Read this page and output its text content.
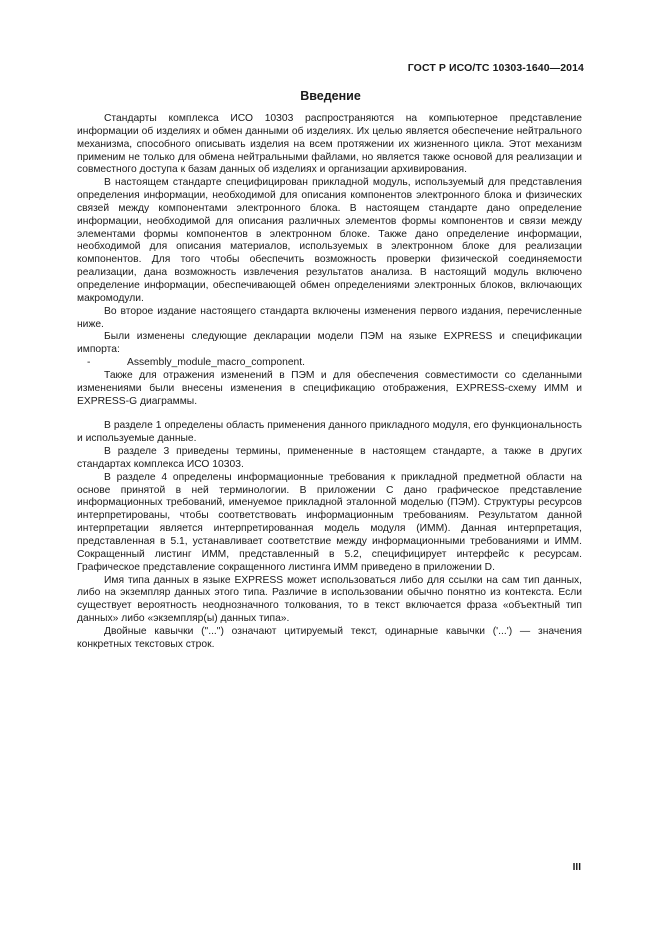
ГОСТ Р ИСО/ТС 10303-1640—2014
Введение

Стандарты комплекса ИСО 10303 распространяются на компьютерное представление информации об изделиях и обмен данными об изделиях. Их целью является обеспечение нейтрального механизма, способного описывать изделия на всем протяжении их жизненного цикла. Этот механизм применим не только для обмена нейтральными файлами, но является также основой для реализации и совместного доступа к базам данных об изделиях и организации архивирования.

В настоящем стандарте специфицирован прикладной модуль, используемый для представления определения информации, необходимой для описания компонентов электронного блока и физических связей между компонентами электронного блока. В настоящем стандарте дано определение информации, необходимой для описания различных элементов формы компонентов и связи между элементами формы компонентов в электронном блоке. Также дано определение информации, необходимой для описания материалов, используемых в электронном блоке для реализации компонентов. Для того чтобы обеспечить возможность проверки физической соединяемости реализации, дана возможность извлечения результатов анализа. В настоящий модуль включено определение информации, обеспечивающей обмен определениями электронных блоков, включающих макромодули.

Во второе издание настоящего стандарта включены изменения первого издания, перечисленные ниже.

Были изменены следующие декларации модели ПЭМ на языке EXPRESS и спецификации импорта:

-	Assembly_module_macro_component.

Также для отражения изменений в ПЭМ и для обеспечения совместимости со сделанными изменениями были внесены изменения в спецификацию отображения, EXPRESS-схему ИММ и EXPRESS-G диаграммы.

В разделе 1 определены область применения данного прикладного модуля, его функциональность и используемые данные.

В разделе 3 приведены термины, примененные в настоящем стандарте, а также в других стандартах комплекса ИСО 10303.

В разделе 4 определены информационные требования к прикладной предметной области на основе принятой в ней терминологии. В приложении С дано графическое представление информационных требований, именуемое прикладной эталонной моделью (ПЭМ). Структуры ресурсов интерпретированы, чтобы соответствовать информационным требованиям. Результатом данной интерпретации является интерпретированная модель модуля (ИММ). Данная интерпретация, представленная в 5.1, устанавливает соответствие между информационными требованиями и ИММ. Сокращенный листинг ИММ, представленный в 5.2, специфицирует интерфейс к ресурсам. Графическое представление сокращенного листинга ИММ приведено в приложении D.

Имя типа данных в языке EXPRESS может использоваться либо для ссылки на сам тип данных, либо на экземпляр данных этого типа. Различие в использовании обычно понятно из контекста. Если существует вероятность неоднозначного толкования, то в текст включается фраза «объектный тип данных» либо «экземпляр(ы) данных типа».

Двойные кавычки ("...") означают цитируемый текст, одинарные кавычки ('...') — значения конкретных текстовых строк.

III
